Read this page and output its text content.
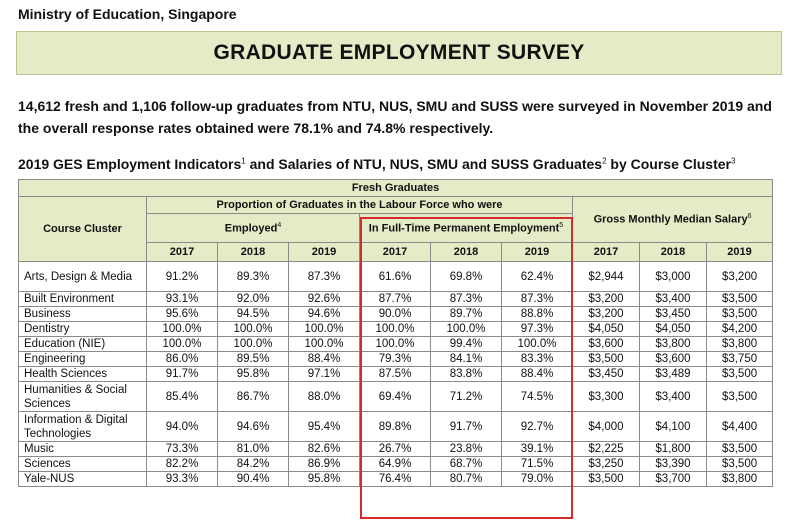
Ministry of Education, Singapore
GRADUATE EMPLOYMENT SURVEY
14,612 fresh and 1,106 follow-up graduates from NTU, NUS, SMU and SUSS were surveyed in November 2019 and the overall response rates obtained were 78.1% and 74.8% respectively.
2019 GES Employment Indicators$^1$ and Salaries of NTU, NUS, SMU and SUSS Graduates$^2$ by Course Cluster$^3$
Fresh Graduates									
Course Cluster	Proportion of Graduates in the Labour Force who were						Gross Monthly Median Salary$^6$
	Employed$^4$			In Full-Time Permanent Employment$^5$
	2017	2018	2019	2017	2018	2019	2017	2018	2019
Arts, Design & Media	91.2%	89.3%	87.3%	61.6%	69.8%	62.4%	$2,944	$3,000	$3,200
Built Environment	93.1%	92.0%	92.6%	87.7%	87.3%	87.3%	$3,200	$3,400	$3,500
Business	95.6%	94.5%	94.6%	90.0%	89.7%	88.8%	$3,200	$3,450	$3,500
Dentistry	100.0%	100.0%	100.0%	100.0%	100.0%	97.3%	$4,050	$4,050	$4,200
Education (NIE)	100.0%	100.0%	100.0%	100.0%	99.4%	100.0%	$3,600	$3,800	$3,800
Engineering	86.0%	89.5%	88.4%	79.3%	84.1%	83.3%	$3,500	$3,600	$3,750
Health Sciences	91.7%	95.8%	97.1%	87.5%	83.8%	88.4%	$3,450	$3,489	$3,500
Humanities & Social Sciences	85.4%	86.7%	88.0%	69.4%	71.2%	74.5%	$3,300	$3,400	$3,500
Information & Digital Technologies	94.0%	94.6%	95.4%	89.8%	91.7%	92.7%	$4,000	$4,100	$4,400
Music	73.3%	81.0%	82.6%	26.7%	23.8%	39.1%	$2,225	$1,800	$3,500
Sciences	82.2%	84.2%	86.9%	64.9%	68.7%	71.5%	$3,250	$3,390	$3,500
Yale-NUS	93.3%	90.4%	95.8%	76.4%	80.7%	79.0%	$3,500	$3,700	$3,800
